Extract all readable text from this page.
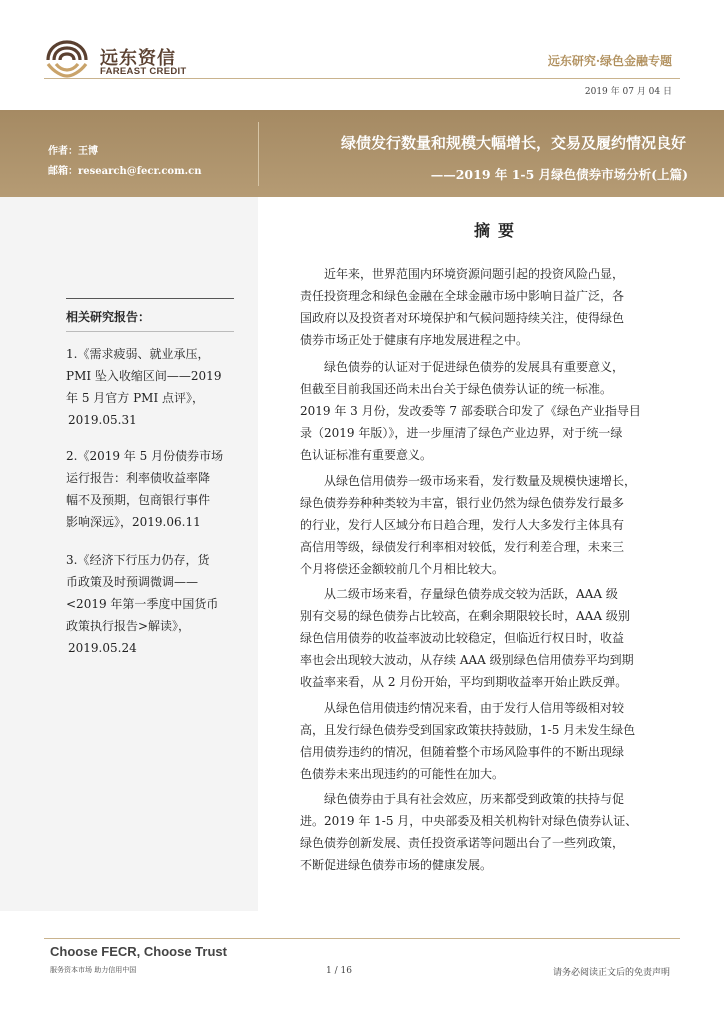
远东资信
FAREAST CREDIT
远东研究·绿色金融专题
2019 年 07 月 04 日
作者：王博
邮箱：research@fecr.com.cn
绿债发行数量和规模大幅增长，交易及履约情况良好
——2019 年 1-5 月绿色债券市场分析(上篇)
相关研究报告：
1.《需求疲弱、就业承压，
PMI 坠入收缩区间——2019
年 5 月官方 PMI 点评》，
2019.05.31
2.《2019 年 5 月份债券市场
运行报告：利率债收益率降
幅不及预期，包商银行事件
影响深远》，2019.06.11
3.《经济下行压力仍存，货
币政策及时预调微调——
<2019 年第一季度中国货币
政策执行报告>解读》，
2019.05.24
摘要
近年来，世界范围内环境资源问题引起的投资风险凸显，
责任投资理念和绿色金融在全球金融市场中影响日益广泛，各
国政府以及投资者对环境保护和气候问题持续关注，使得绿色
债券市场正处于健康有序地发展进程之中。
绿色债券的认证对于促进绿色债券的发展具有重要意义，
但截至目前我国还尚未出台关于绿色债券认证的统一标准。
2019 年 3 月份，发改委等 7 部委联合印发了《绿色产业指导目
录（2019 年版）》，进一步厘清了绿色产业边界，对于统一绿
色认证标准有重要意义。
从绿色信用债券一级市场来看，发行数量及规模快速增长，
绿色债券券种种类较为丰富，银行业仍然为绿色债券发行最多
的行业，发行人区域分布日趋合理，发行人大多发行主体具有
高信用等级，绿债发行利率相对较低，发行利差合理，未来三
个月将偿还金额较前几个月相比较大。
从二级市场来看，存量绿色债券成交较为活跃，AAA 级
别有交易的绿色债券占比较高，在剩余期限较长时，AAA 级别
绿色信用债券的收益率波动比较稳定，但临近行权日时，收益
率也会出现较大波动，从存续 AAA 级别绿色信用债券平均到期
收益率来看，从 2 月份开始，平均到期收益率开始止跌反弹。
从绿色信用债违约情况来看，由于发行人信用等级相对较
高，且发行绿色债券受到国家政策扶持鼓励，1-5 月未发生绿色
信用债券违约的情况，但随着整个市场风险事件的不断出现绿
色债券未来出现违约的可能性在加大。
绿色债券由于具有社会效应，历来都受到政策的扶持与促
进。2019 年 1-5 月，中央部委及相关机构针对绿色债券认证、
绿色债券创新发展、责任投资承诺等问题出台了一些列政策，
不断促进绿色债券市场的健康发展。
Choose FECR, Choose Trust
服务资本市场 助力信用中国	1 / 16	请务必阅读正文后的免责声明
